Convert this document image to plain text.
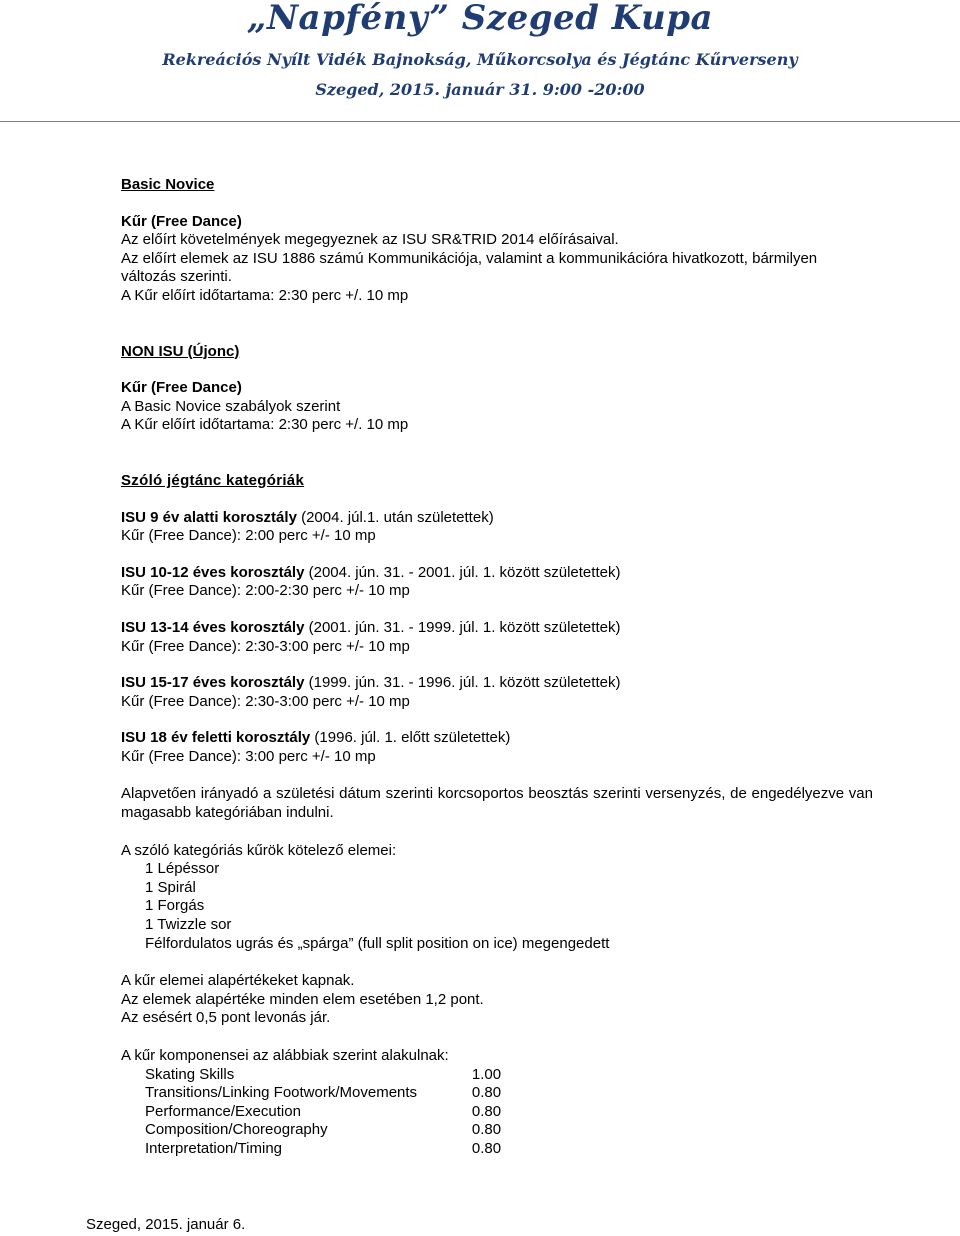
„Napfény” Szeged Kupa
Rekreációs Nyílt Vidék Bajnokság, Műkorcsolya és Jégtánc Kűrverseny
Szeged, 2015. január 31. 9:00 -20:00

Basic Novice

Kűr (Free Dance)

Az előírt követelmények megegyeznek az ISU SR&TRID 2014 előírásaival.

Az előírt elemek az ISU 1886 számú Kommunikációja, valamint a kommunikációra hivatkozott, bármilyen változás szerinti.

A Kűr előírt időtartama: 2:30 perc +/. 10 mp

NON ISU (Újonc)

Kűr (Free Dance)

A Basic Novice szabályok szerint

A Kűr előírt időtartama: 2:30 perc +/. 10 mp

Szóló jégtánc kategóriák

ISU 9 év alatti korosztály (2004. júl.1. után születettek)

Kűr (Free Dance): 2:00 perc +/- 10 mp

ISU 10-12 éves korosztály (2004. jún. 31. - 2001. júl. 1. között születettek)

Kűr (Free Dance): 2:00-2:30 perc +/- 10 mp

ISU 13-14 éves korosztály (2001. jún. 31. - 1999. júl. 1. között születettek)

Kűr (Free Dance): 2:30-3:00 perc +/- 10 mp

ISU 15-17 éves korosztály (1999. jún. 31. - 1996. júl. 1. között születettek)

Kűr (Free Dance): 2:30-3:00 perc +/- 10 mp

ISU 18 év feletti korosztály (1996. júl. 1. előtt születettek)

Kűr (Free Dance): 3:00 perc +/- 10 mp

Alapvetően irányadó a születési dátum szerinti korcsoportos beosztás szerinti versenyzés, de engedélyezve van magasabb kategóriában indulni.

A szóló kategóriás kűrök kötelező elemei:

1 Lépéssor

1 Spirál

1 Forgás

1 Twizzle sor

Félfordulatos ugrás és „spárga” (full split position on ice) megengedett

A kűr elemei alapértékeket kapnak.

Az elemek alapértéke minden elem esetében 1,2 pont.

Az esésért 0,5 pont levonás jár.

A kűr komponensei az alábbiak szerint alakulnak:

Skating Skills	1.00
Transitions/Linking Footwork/Movements	0.80
Performance/Execution	0.80
Composition/Choreography	0.80
Interpretation/Timing	0.80
Szeged, 2015. január 6.
